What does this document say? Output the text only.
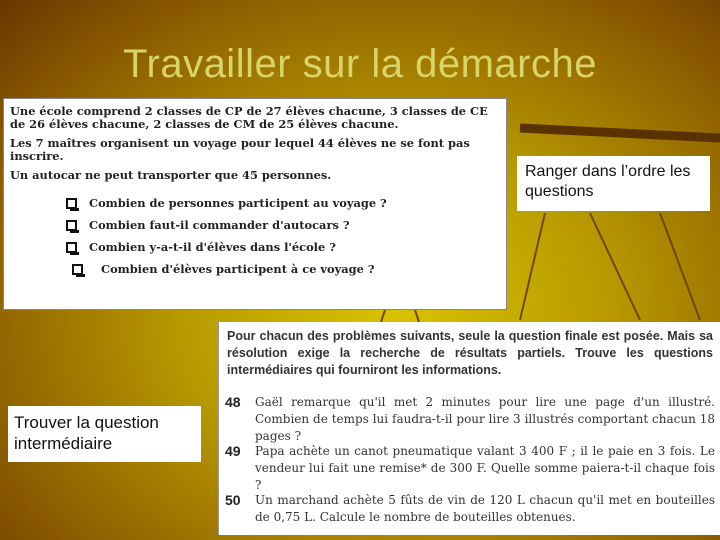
Travailler sur la démarche

Une école comprend 2 classes de CP de 27 élèves chacune, 3 classes de CE de 26 élèves chacune, 2 classes de CM de 25 élèves chacune.

Les 7 maîtres organisent un voyage pour lequel 44 élèves ne se font pas inscrire.

Un autocar ne peut transporter que 45 personnes.

Combien de personnes participent au voyage ?
Combien faut-il commander d'autocars ?
Combien y-a-t-il d'élèves dans l'école ?
Combien d'élèves participent à ce voyage ?
Ranger dans l’ordre les questions
Trouver la question intermédiaire
Pour chacun des problèmes suivants, seule la question finale est posée. Mais sa résolution exige la recherche de résultats partiels. Trouve les questions intermédiaires qui fourniront les informations.
48	Gaël remarque qu'il met 2 minutes pour lire une page d'un illustré. Combien de temps lui faudra-t-il pour lire 3 illustrés comportant chacun 18 pages ?
49	Papa achète un canot pneumatique valant 3 400 F ; il le paie en 3 fois. Le vendeur lui fait une remise* de 300 F. Quelle somme paiera-t-il chaque fois ?
50	Un marchand achète 5 fûts de vin de 120 L chacun qu'il met en bouteilles de 0,75 L. Calcule le nombre de bouteilles obtenues.
